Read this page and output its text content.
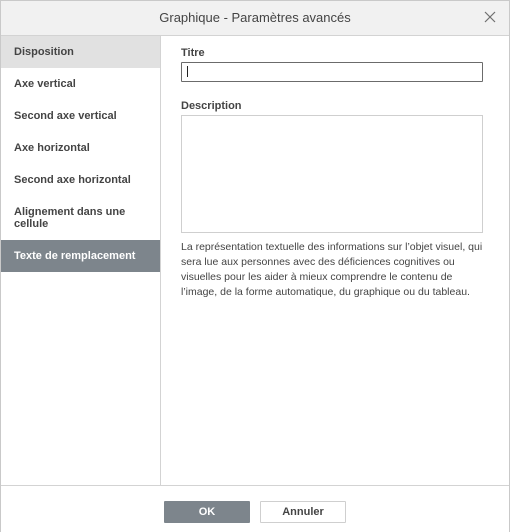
Graphique - Paramètres avancés
Disposition
Axe vertical
Second axe vertical
Axe horizontal
Second axe horizontal
Alignement dans une cellule
Texte de remplacement
Titre
Description
La représentation textuelle des informations sur l’objet visuel, qui sera lue aux personnes avec des déficiences cognitives ou visuelles pour les aider à mieux comprendre le contenu de l’image, de la forme automatique, du graphique ou du tableau.
OK	Annuler
